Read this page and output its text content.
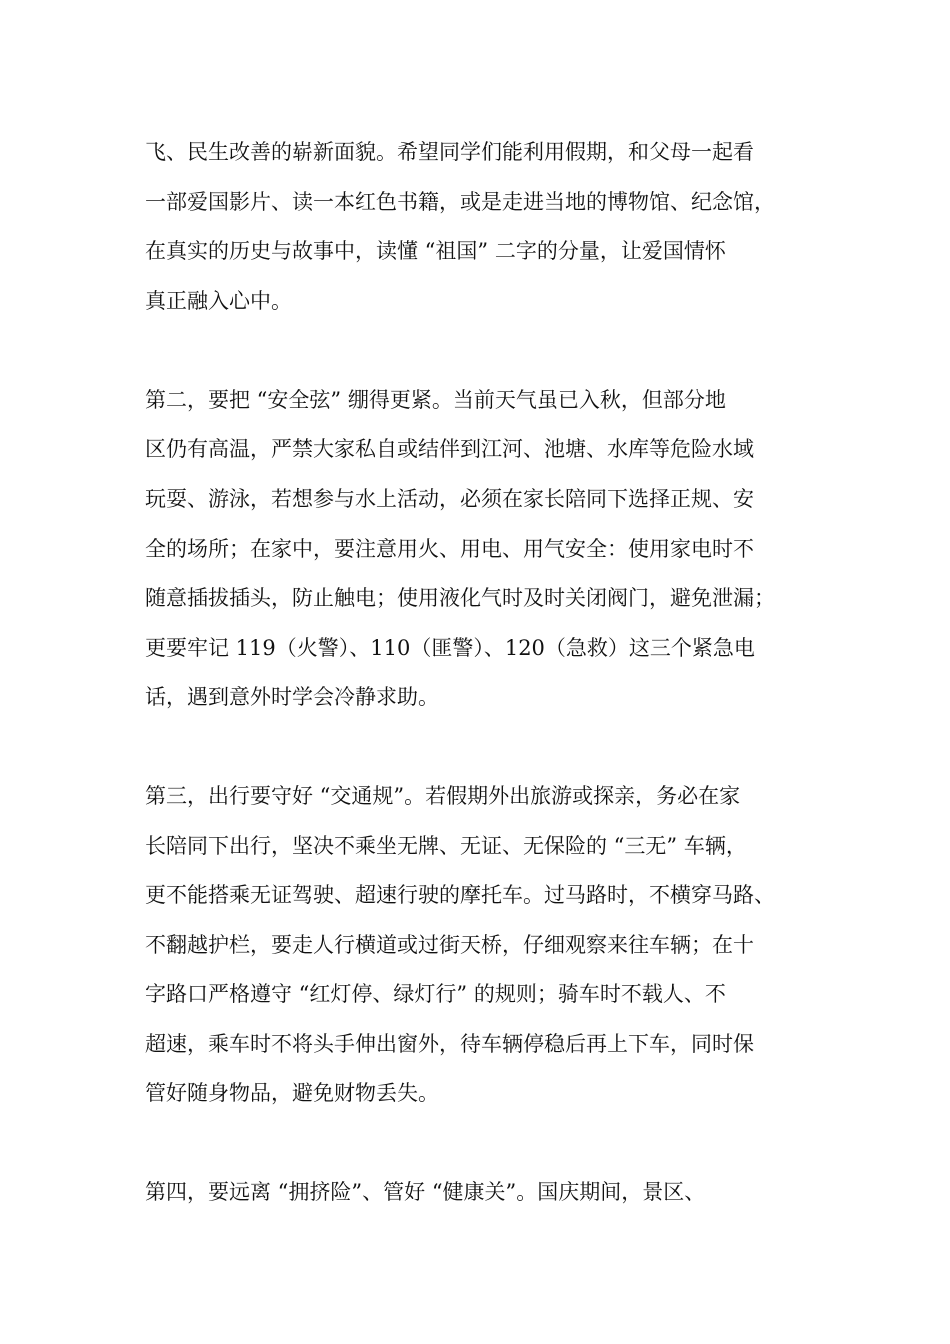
飞、民生改善的崭新面貌。希望同学们能利用假期，和父母一起看
一部爱国影片、读一本红色书籍，或是走进当地的博物馆、纪念馆，
在真实的历史与故事中，读懂 “祖国” 二字的分量，让爱国情怀
真正融入心中。
第二，要把 “安全弦” 绷得更紧。当前天气虽已入秋，但部分地
区仍有高温，严禁大家私自或结伴到江河、池塘、水库等危险水域
玩耍、游泳，若想参与水上活动，必须在家长陪同下选择正规、安
全的场所；在家中，要注意用火、用电、用气安全：使用家电时不
随意插拔插头，防止触电；使用液化气时及时关闭阀门，避免泄漏；
更要牢记 119（火警）、110（匪警）、120（急救）这三个紧急电
话，遇到意外时学会冷静求助。
第三，出行要守好 “交通规”。若假期外出旅游或探亲，务必在家
长陪同下出行，坚决不乘坐无牌、无证、无保险的 “三无” 车辆，
更不能搭乘无证驾驶、超速行驶的摩托车。过马路时，不横穿马路、
不翻越护栏，要走人行横道或过街天桥，仔细观察来往车辆；在十
字路口严格遵守 “红灯停、绿灯行” 的规则；骑车时不载人、不
超速，乘车时不将头手伸出窗外，待车辆停稳后再上下车，同时保
管好随身物品，避免财物丢失。
第四，要远离 “拥挤险”、管好 “健康关”。国庆期间，景区、
